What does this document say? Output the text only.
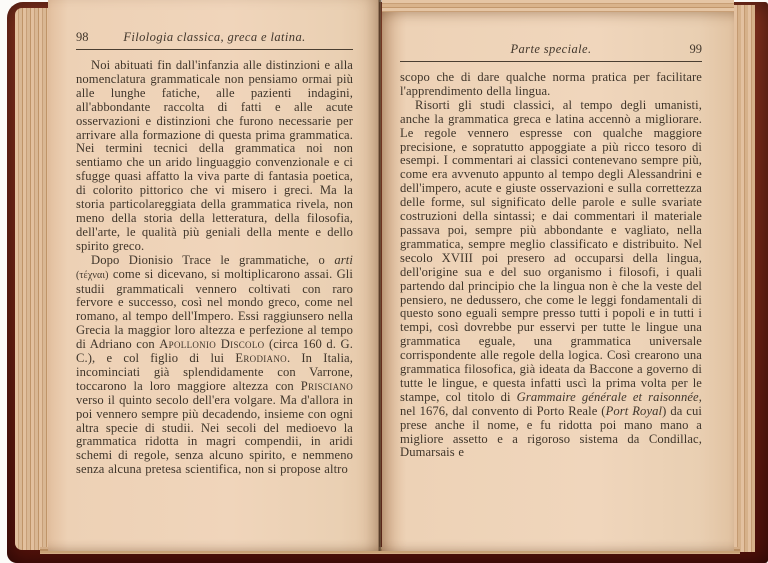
98	Filologia classica, greca e latina.

Noi abituati fin dall'infanzia alle distinzioni e alla nomenclatura grammaticale non pensiamo ormai più alle lunghe fatiche, alle pazienti indagini, all'abbondante raccolta di fatti e alle acute osservazioni e distinzioni che furono necessarie per arrivare alla formazione di questa prima grammatica. Nei termini tecnici della grammatica noi non sentiamo che un arido linguaggio convenzionale e ci sfugge quasi affatto la viva parte di fantasia poetica, di colorito pittorico che vi misero i greci. Ma la storia particolareggiata della grammatica rivela, non meno della storia della letteratura, della filosofia, dell'arte, le qualità più geniali della mente e dello spirito greco.

Dopo Dionisio Trace le grammatiche, o arti (τέχναι) come si dicevano, si moltiplicarono assai. Gli studii grammaticali vennero coltivati con raro fervore e successo, così nel mondo greco, come nel romano, al tempo dell'Impero. Essi raggiunsero nella Grecia la maggior loro altezza e perfezione al tempo di Adriano con Apollonio Discolo (circa 160 d. G. C.), e col figlio di lui Erodiano. In Italia, incominciati già splendidamente con Varrone, toccarono la loro maggiore altezza con Prisciano verso il quinto secolo dell'era volgare. Ma d'allora in poi vennero sempre più decadendo, insieme con ogni altra specie di studii. Nei secoli del medioevo la grammatica ridotta in magri compendii, in aridi schemi di regole, senza alcuno spirito, e nemmeno senza alcuna pretesa scientifica, non si propose altro

Parte speciale.	99

scopo che di dare qualche norma pratica per facilitare l'apprendimento della lingua.

Risorti gli studi classici, al tempo degli umanisti, anche la grammatica greca e latina accennò a migliorare. Le regole vennero espresse con qualche maggiore precisione, e sopratutto appoggiate a più ricco tesoro di esempi. I commentari ai classici contenevano sempre più, come era avvenuto appunto al tempo degli Alessandrini e dell'impero, acute e giuste osservazioni e sulla correttezza delle forme, sul significato delle parole e sulle svariate costruzioni della sintassi; e dai commentari il materiale passava poi, sempre più abbondante e vagliato, nella grammatica, sempre meglio classificato e distribuito. Nel secolo XVIII poi presero ad occuparsi della lingua, dell'origine sua e del suo organismo i filosofi, i quali partendo dal principio che la lingua non è che la veste del pensiero, ne dedussero, che come le leggi fondamentali di questo sono eguali sempre presso tutti i popoli e in tutti i tempi, così dovrebbe pur esservi per tutte le lingue una grammatica eguale, una grammatica universale corrispondente alle regole della logica. Così crearono una grammatica filosofica, già ideata da Baccone a governo di tutte le lingue, e questa infatti uscì la prima volta per le stampe, col titolo di Grammaire générale et raisonnée, nel 1676, dal convento di Porto Reale (Port Royal) da cui prese anche il nome, e fu ridotta poi mano mano a migliore assetto e a rigoroso sistema da Condillac, Dumarsais e
